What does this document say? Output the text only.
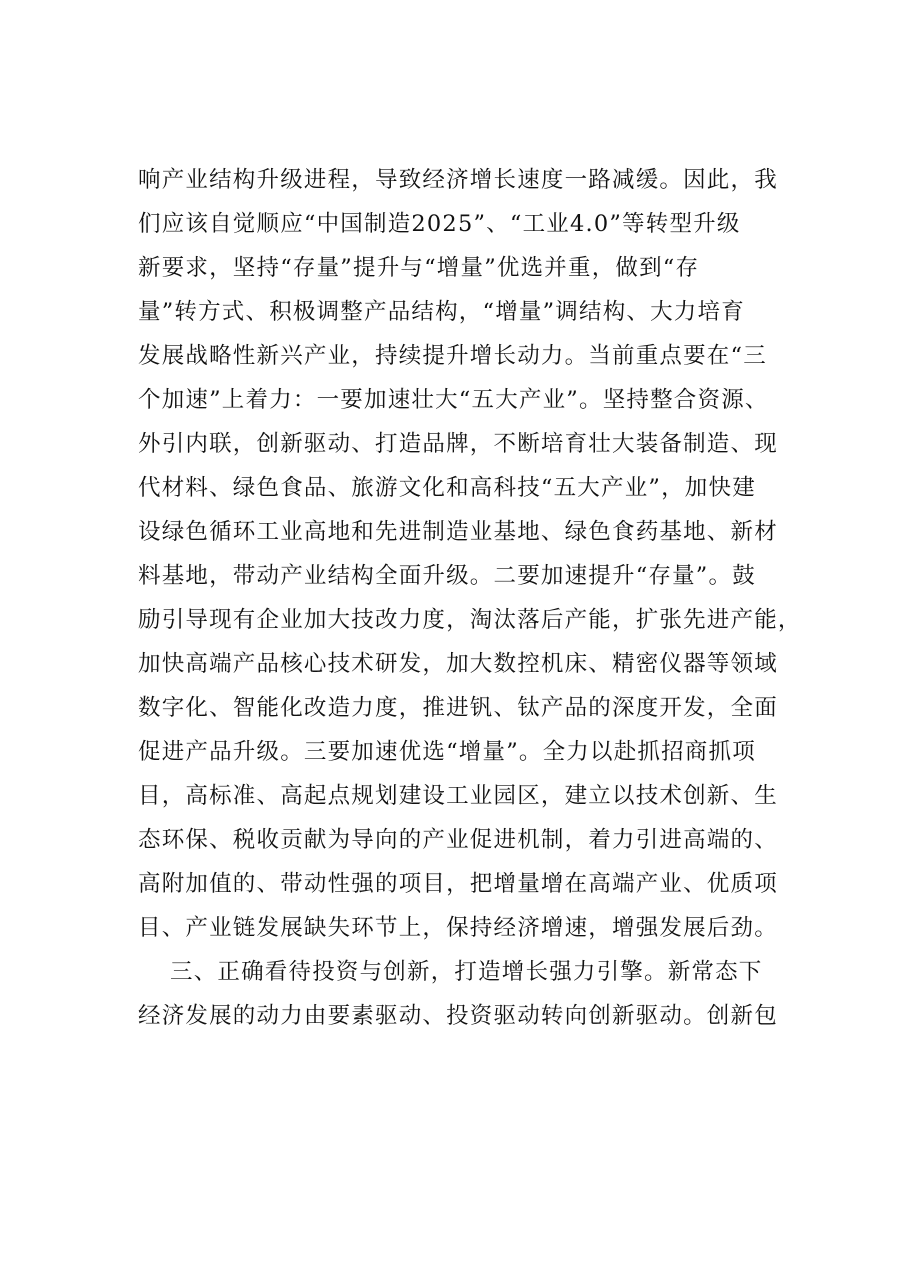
响产业结构升级进程，导致经济增长速度一路减缓。因此，我
们应该自觉顺应“中国制造2025”、“工业4.0”等转型升级
新要求，坚持“存量”提升与“增量”优选并重，做到“存
量”转方式、积极调整产品结构，“增量”调结构、大力培育
发展战略性新兴产业，持续提升增长动力。当前重点要在“三
个加速”上着力：一要加速壮大“五大产业”。坚持整合资源、
外引内联，创新驱动、打造品牌，不断培育壮大装备制造、现
代材料、绿色食品、旅游文化和高科技“五大产业”，加快建
设绿色循环工业高地和先进制造业基地、绿色食药基地、新材
料基地，带动产业结构全面升级。二要加速提升“存量”。鼓
励引导现有企业加大技改力度，淘汰落后产能，扩张先进产能，
加快高端产品核心技术研发，加大数控机床、精密仪器等领域
数字化、智能化改造力度，推进钒、钛产品的深度开发，全面
促进产品升级。三要加速优选“增量”。全力以赴抓招商抓项
目，高标准、高起点规划建设工业园区，建立以技术创新、生
态环保、税收贡献为导向的产业促进机制，着力引进高端的、
高附加值的、带动性强的项目，把增量增在高端产业、优质项
目、产业链发展缺失环节上，保持经济增速，增强发展后劲。
三、正确看待投资与创新，打造增长强力引擎。新常态下
经济发展的动力由要素驱动、投资驱动转向创新驱动。创新包
